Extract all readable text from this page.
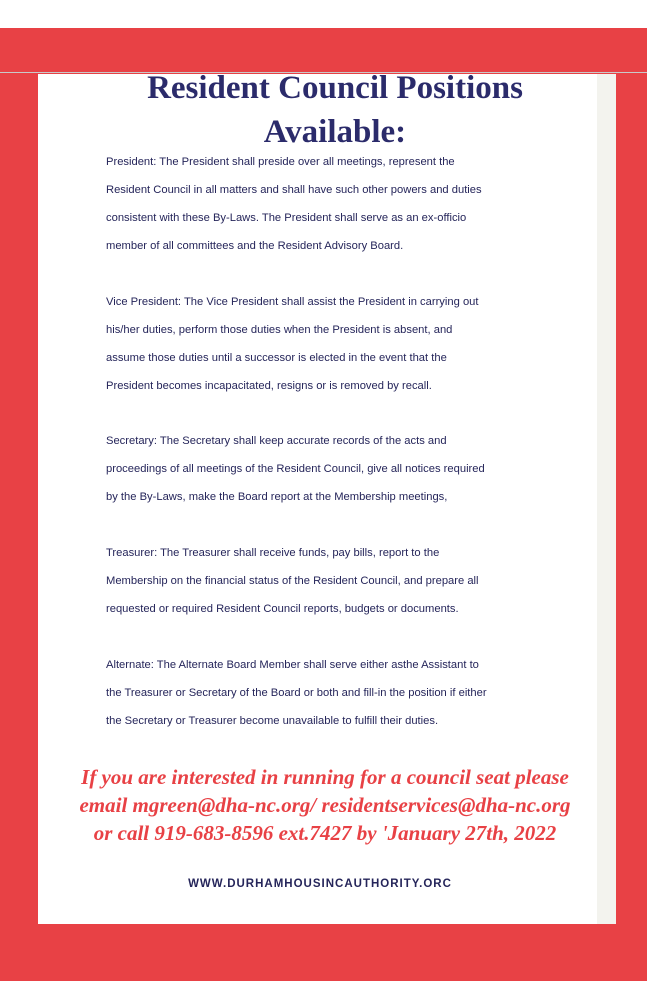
Resident Council Positions
Available:

President: The President shall preside over all meetings, represent the
Resident Council in all matters and shall have such other powers and duties
consistent with these By-Laws. The President shall serve as an ex-officio
member of all committees and the Resident Advisory Board.

Vice President: The Vice President shall assist the President in carrying out
his/her duties, perform those duties when the President is absent, and
assume those duties until a successor is elected in the event that the
President becomes incapacitated, resigns or is removed by recall.

Secretary: The Secretary shall keep accurate records of the acts and
proceedings of all meetings of the Resident Council, give all notices required
by the By-Laws, make the Board report at the Membership meetings,

Treasurer: The Treasurer shall receive funds, pay bills, report to the
Membership on the financial status of the Resident Council, and prepare all
requested or required Resident Council reports, budgets or documents.

Alternate: The Alternate Board Member shall serve either asthe Assistant to
the Treasurer or Secretary of the Board or both and fill-in the position if either
the Secretary or Treasurer become unavailable to fulfill their duties.

If you are interested in running for a council seat please
email mgreen@dha-nc.org/ residentservices@dha-nc.org
or call 919-683-8596 ext.7427 by 'January 27th, 2022

WWW.DURHAMHOUSINCAUTHORITY.ORC
